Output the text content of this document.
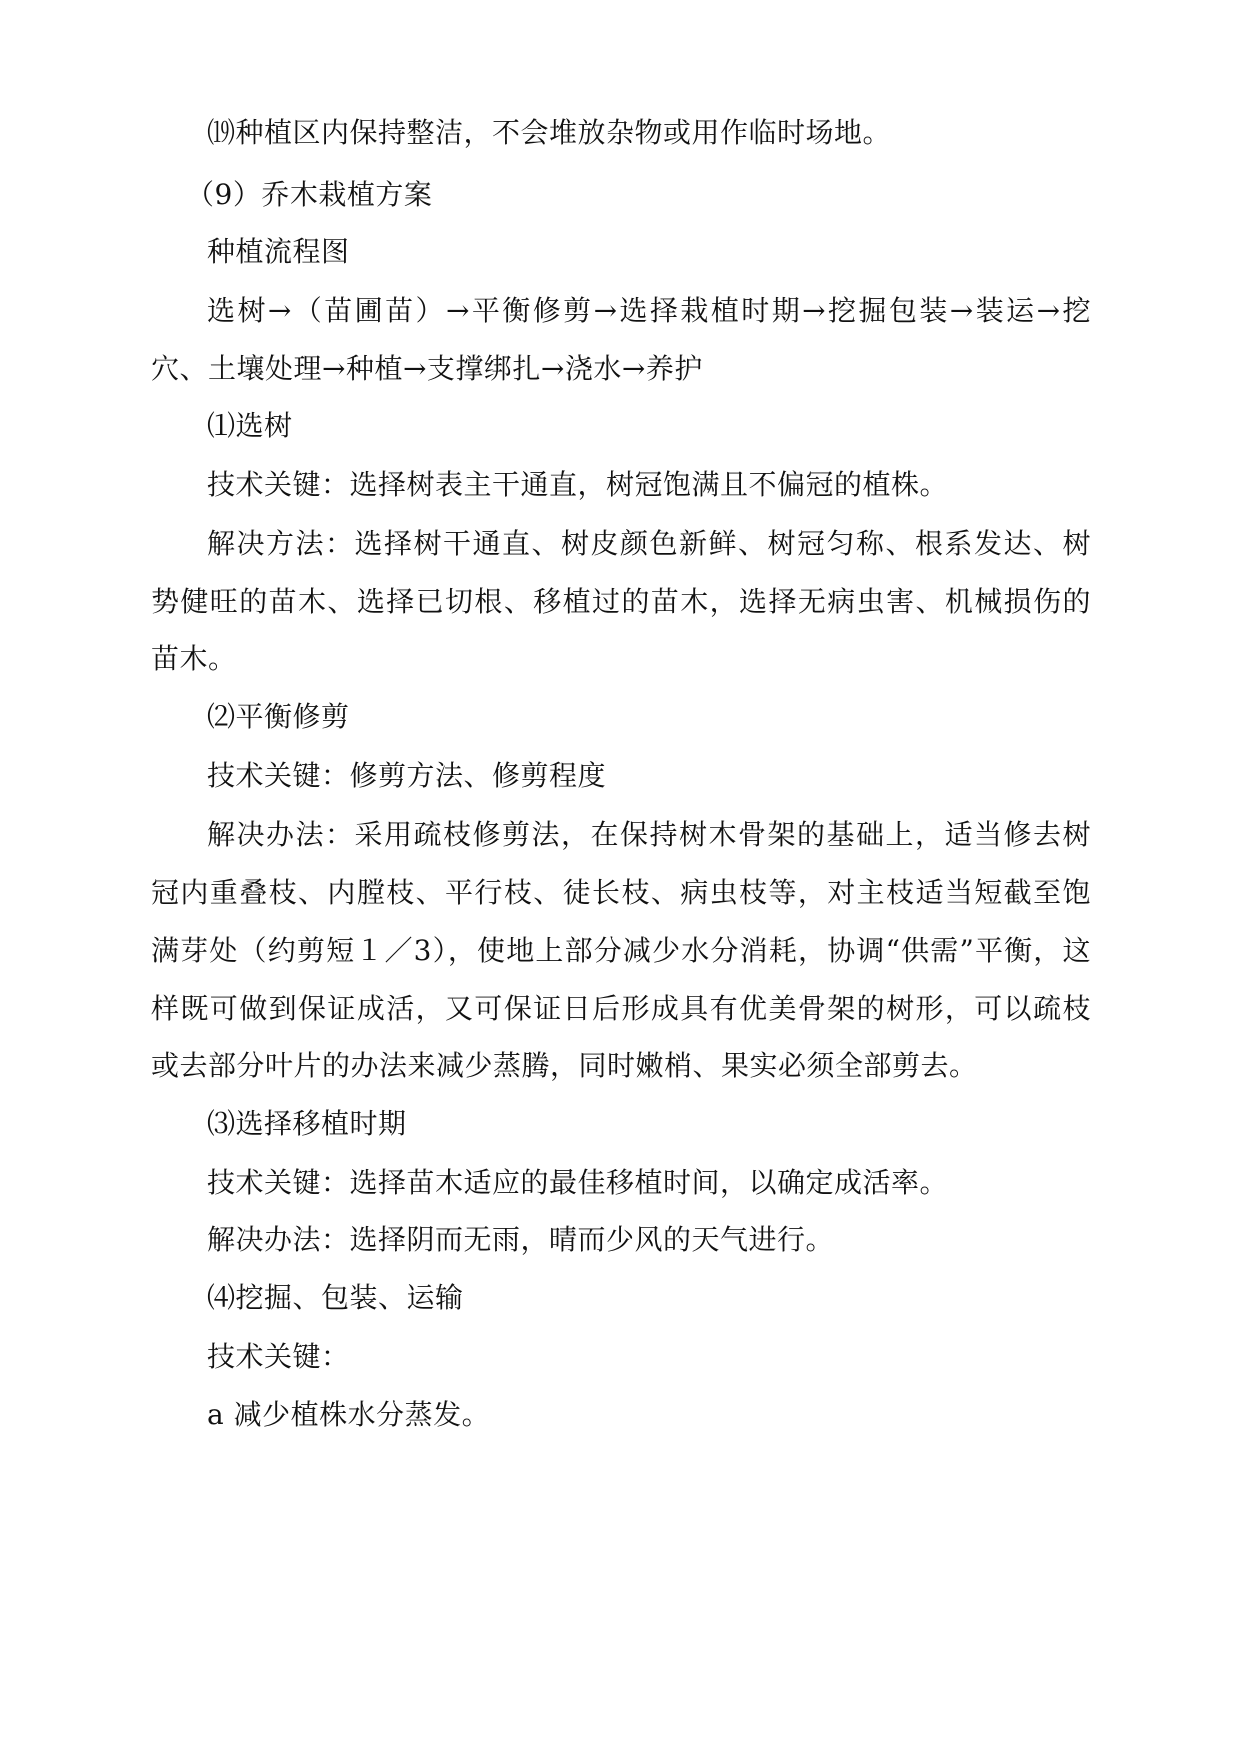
⒆种植区内保持整洁，不会堆放杂物或用作临时场地。
（9）乔木栽植方案
种植流程图
选树→（苗圃苗）→平衡修剪→选择栽植时期→挖掘包装→装运→挖
穴、土壤处理→种植→支撑绑扎→浇水→养护
⑴选树
技术关键：选择树表主干通直，树冠饱满且不偏冠的植株。
解决方法：选择树干通直、树皮颜色新鲜、树冠匀称、根系发达、树
势健旺的苗木、选择已切根、移植过的苗木，选择无病虫害、机械损伤的
苗木。
⑵平衡修剪
技术关键：修剪方法、修剪程度
解决办法：采用疏枝修剪法，在保持树木骨架的基础上，适当修去树
冠内重叠枝、内膛枝、平行枝、徒长枝、病虫枝等，对主枝适当短截至饱
满芽处（约剪短１／3），使地上部分减少水分消耗，协调“供需”平衡，这
样既可做到保证成活，又可保证日后形成具有优美骨架的树形，可以疏枝
或去部分叶片的办法来减少蒸腾，同时嫩梢、果实必须全部剪去。
⑶选择移植时期
技术关键：选择苗木适应的最佳移植时间，以确定成活率。
解决办法：选择阴而无雨，晴而少风的天气进行。
⑷挖掘、包装、运输
技术关键：
a 减少植株水分蒸发。
